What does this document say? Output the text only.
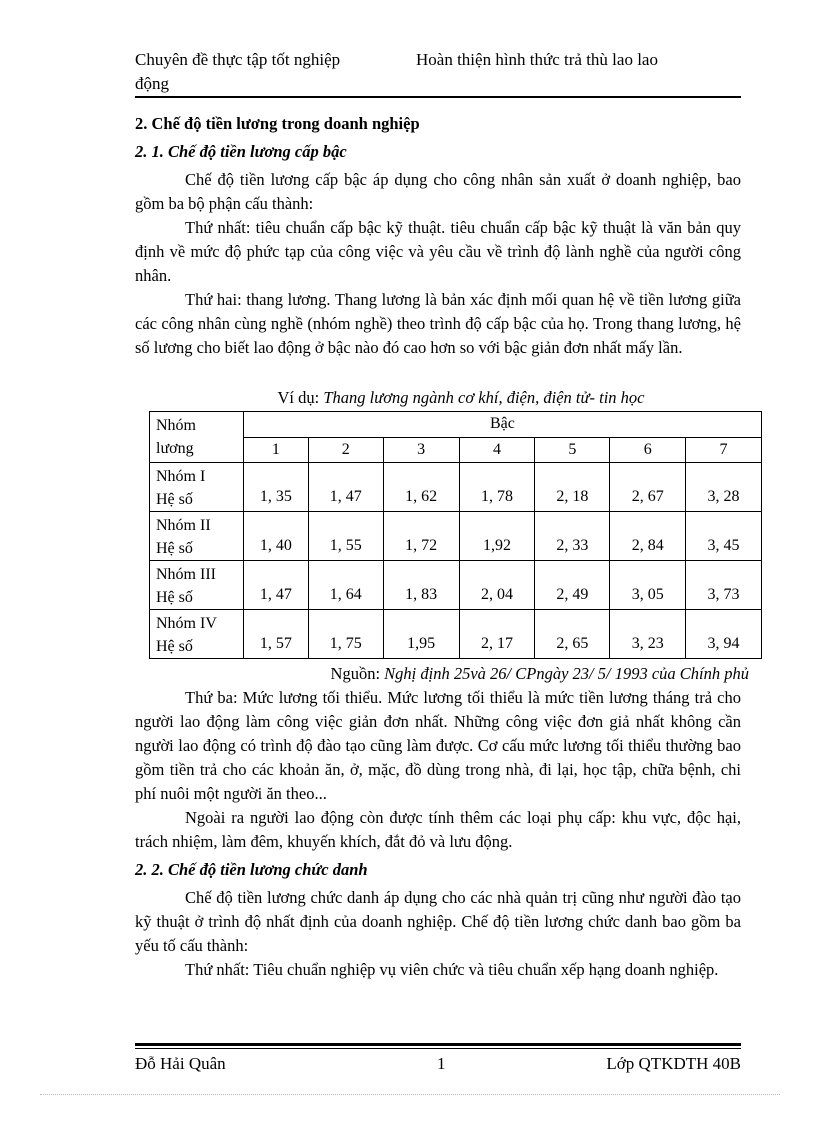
Chuyên đề thực tập tốt nghiệp	Hoàn thiện hình thức trả thù lao lao
động

2. Chế độ tiền lương trong doanh nghiệp

2. 1. Chế độ tiền lương cấp bậc

Chế độ tiền lương cấp bậc áp dụng cho công nhân sản xuất ở doanh nghiệp, bao gồm ba bộ phận cấu thành:

Thứ nhất: tiêu chuẩn cấp bậc kỹ thuật. tiêu chuẩn cấp bậc kỹ thuật là văn bản quy định về mức độ phức tạp của công việc và yêu cầu về trình độ lành nghề của người công nhân.

Thứ hai: thang lương. Thang lương là bản xác định mối quan hệ về tiền lương giữa các công nhân cùng nghề (nhóm nghề) theo trình độ cấp bậc của họ. Trong thang lương, hệ số lương cho biết lao động ở bậc nào đó cao hơn so với bậc giản đơn nhất mấy lần.

Ví dụ: Thang lương ngành cơ khí, điện, điện tử- tin học

Nhóm lương	Bậc						
	1	2	3	4	5	6	7
Nhóm I
Hệ số	1, 35	1, 47	1, 62	1, 78	2, 18	2, 67	3, 28
Nhóm II
Hệ số	1, 40	1, 55	1, 72	1,92	2, 33	2, 84	3, 45
Nhóm III
Hệ số	1, 47	1, 64	1, 83	2, 04	2, 49	3, 05	3, 73
Nhóm IV
Hệ số	1, 57	1, 75	1,95	2, 17	2, 65	3, 23	3, 94

Nguồn: Nghị định 25và 26/ CPngày 23/ 5/ 1993 của Chính phủ

Thứ ba: Mức lương tối thiểu. Mức lương tối thiểu là mức tiền lương tháng trả cho người lao động làm công việc giản đơn nhất. Những công việc đơn giả nhất không cần người lao động có trình độ đào tạo cũng làm được. Cơ cấu mức lương tối thiểu thường bao gồm tiền trả cho các khoản ăn, ở, mặc, đồ dùng trong nhà, đi lại, học tập, chữa bệnh, chi phí nuôi một người ăn theo...

Ngoài ra người lao động còn được tính thêm các loại phụ cấp: khu vực, độc hại, trách nhiệm, làm đêm, khuyến khích, đắt đỏ và lưu động.

2. 2. Chế độ tiền lương chức danh

Chế độ tiền lương chức danh áp dụng cho các nhà quản trị cũng như người đào tạo kỹ thuật ở trình độ nhất định của doanh nghiệp. Chế độ tiền lương chức danh bao gồm ba yếu tố cấu thành:

Thứ nhất: Tiêu chuẩn nghiệp vụ viên chức và tiêu chuẩn xếp hạng doanh nghiệp.

Đỗ Hải Quân	1	Lớp QTKDTH 40B
